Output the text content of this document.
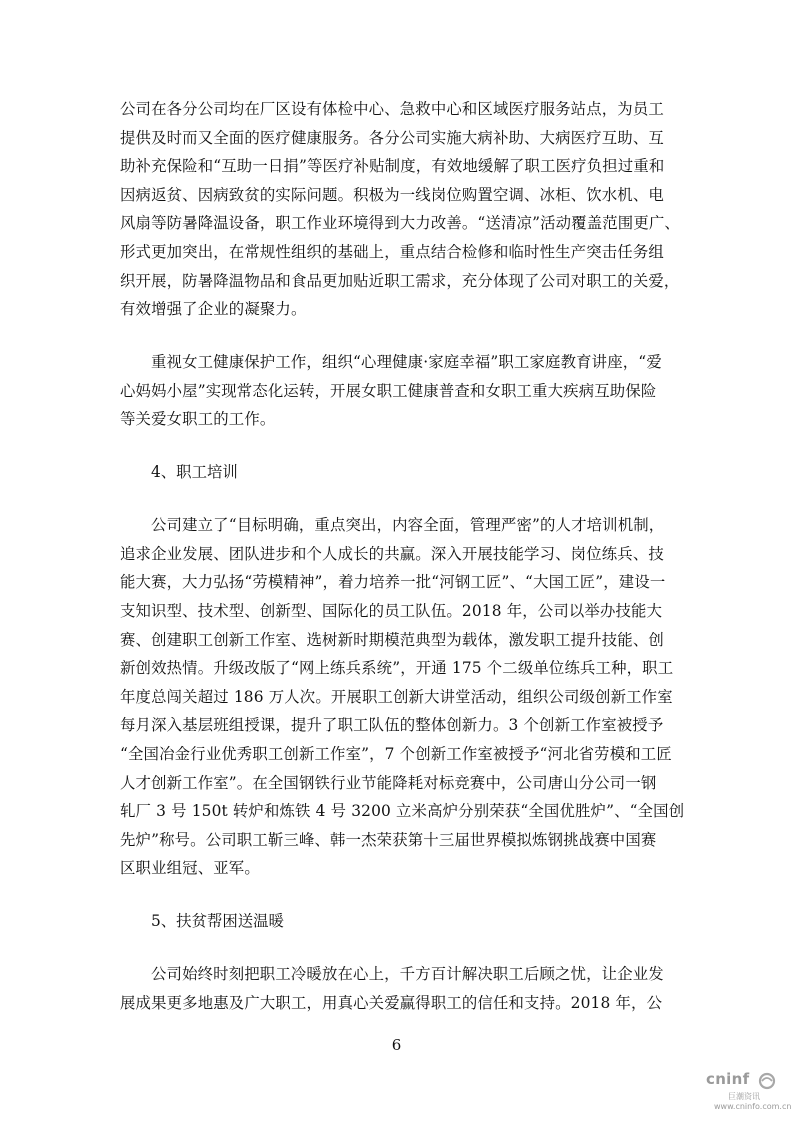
公司在各分公司均在厂区设有体检中心、急救中心和区域医疗服务站点，为员工
提供及时而又全面的医疗健康服务。各分公司实施大病补助、大病医疗互助、互
助补充保险和“互助一日捐”等医疗补贴制度，有效地缓解了职工医疗负担过重和
因病返贫、因病致贫的实际问题。积极为一线岗位购置空调、冰柜、饮水机、电
风扇等防暑降温设备，职工作业环境得到大力改善。“送清凉”活动覆盖范围更广、
形式更加突出，在常规性组织的基础上，重点结合检修和临时性生产突击任务组
织开展，防暑降温物品和食品更加贴近职工需求，充分体现了公司对职工的关爱，
有效增强了企业的凝聚力。

重视女工健康保护工作，组织“心理健康·家庭幸福”职工家庭教育讲座，“爱
心妈妈小屋”实现常态化运转，开展女职工健康普查和女职工重大疾病互助保险
等关爱女职工的工作。

4、职工培训

公司建立了“目标明确，重点突出，内容全面，管理严密”的人才培训机制，
追求企业发展、团队进步和个人成长的共赢。深入开展技能学习、岗位练兵、技
能大赛，大力弘扬“劳模精神”，着力培养一批“河钢工匠”、“大国工匠”，建设一
支知识型、技术型、创新型、国际化的员工队伍。2018 年，公司以举办技能大
赛、创建职工创新工作室、选树新时期模范典型为载体，激发职工提升技能、创
新创效热情。升级改版了“网上练兵系统”，开通 175 个二级单位练兵工种，职工
年度总闯关超过 186 万人次。开展职工创新大讲堂活动，组织公司级创新工作室
每月深入基层班组授课，提升了职工队伍的整体创新力。3 个创新工作室被授予
“全国冶金行业优秀职工创新工作室”，7 个创新工作室被授予“河北省劳模和工匠
人才创新工作室”。在全国钢铁行业节能降耗对标竞赛中，公司唐山分公司一钢
轧厂 3 号 150t 转炉和炼铁 4 号 3200 立米高炉分别荣获“全国优胜炉”、“全国创
先炉”称号。公司职工靳三峰、韩一杰荣获第十三届世界模拟炼钢挑战赛中国赛
区职业组冠、亚军。

5、扶贫帮困送温暖

公司始终时刻把职工冷暖放在心上，千方百计解决职工后顾之忧，让企业发
展成果更多地惠及广大职工，用真心关爱赢得职工的信任和支持。2018 年，公

6
cninf
巨潮资讯
www.cninfo.com.cn
